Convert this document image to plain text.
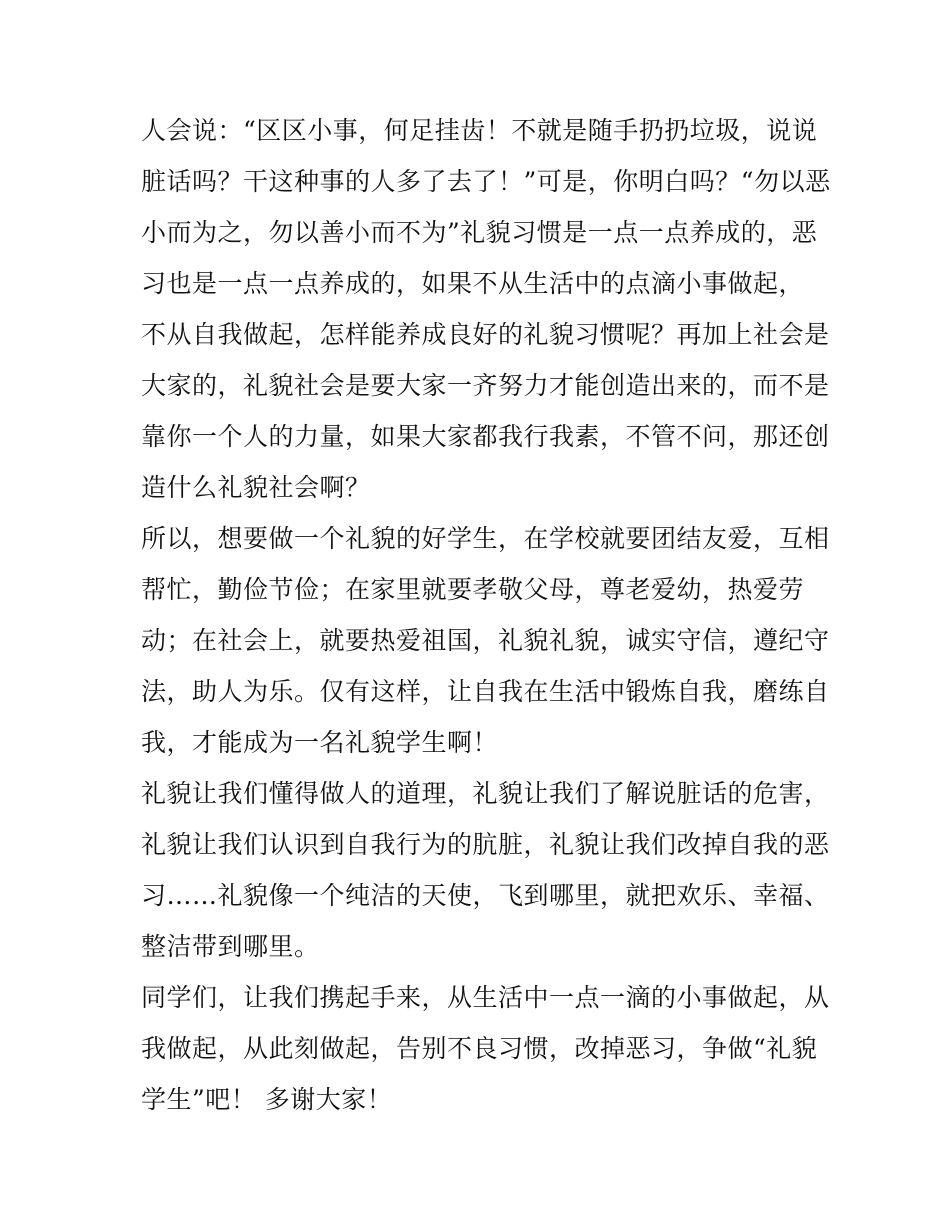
人会说：“区区小事，何足挂齿！不就是随手扔扔垃圾，说说
脏话吗？干这种事的人多了去了！”可是，你明白吗？“勿以恶
小而为之，勿以善小而不为”礼貌习惯是一点一点养成的，恶
习也是一点一点养成的，如果不从生活中的点滴小事做起，
不从自我做起，怎样能养成良好的礼貌习惯呢？再加上社会是
大家的，礼貌社会是要大家一齐努力才能创造出来的，而不是
靠你一个人的力量，如果大家都我行我素，不管不问，那还创
造什么礼貌社会啊？
所以，想要做一个礼貌的好学生，在学校就要团结友爱，互相
帮忙，勤俭节俭；在家里就要孝敬父母，尊老爱幼，热爱劳
动；在社会上，就要热爱祖国，礼貌礼貌，诚实守信，遵纪守
法，助人为乐。仅有这样，让自我在生活中锻炼自我，磨练自
我，才能成为一名礼貌学生啊！
礼貌让我们懂得做人的道理，礼貌让我们了解说脏话的危害，
礼貌让我们认识到自我行为的肮脏，礼貌让我们改掉自我的恶
习……礼貌像一个纯洁的天使，飞到哪里，就把欢乐、幸福、
整洁带到哪里。
同学们，让我们携起手来，从生活中一点一滴的小事做起，从
我做起，从此刻做起，告别不良习惯，改掉恶习，争做“礼貌
学生”吧！ 多谢大家！
